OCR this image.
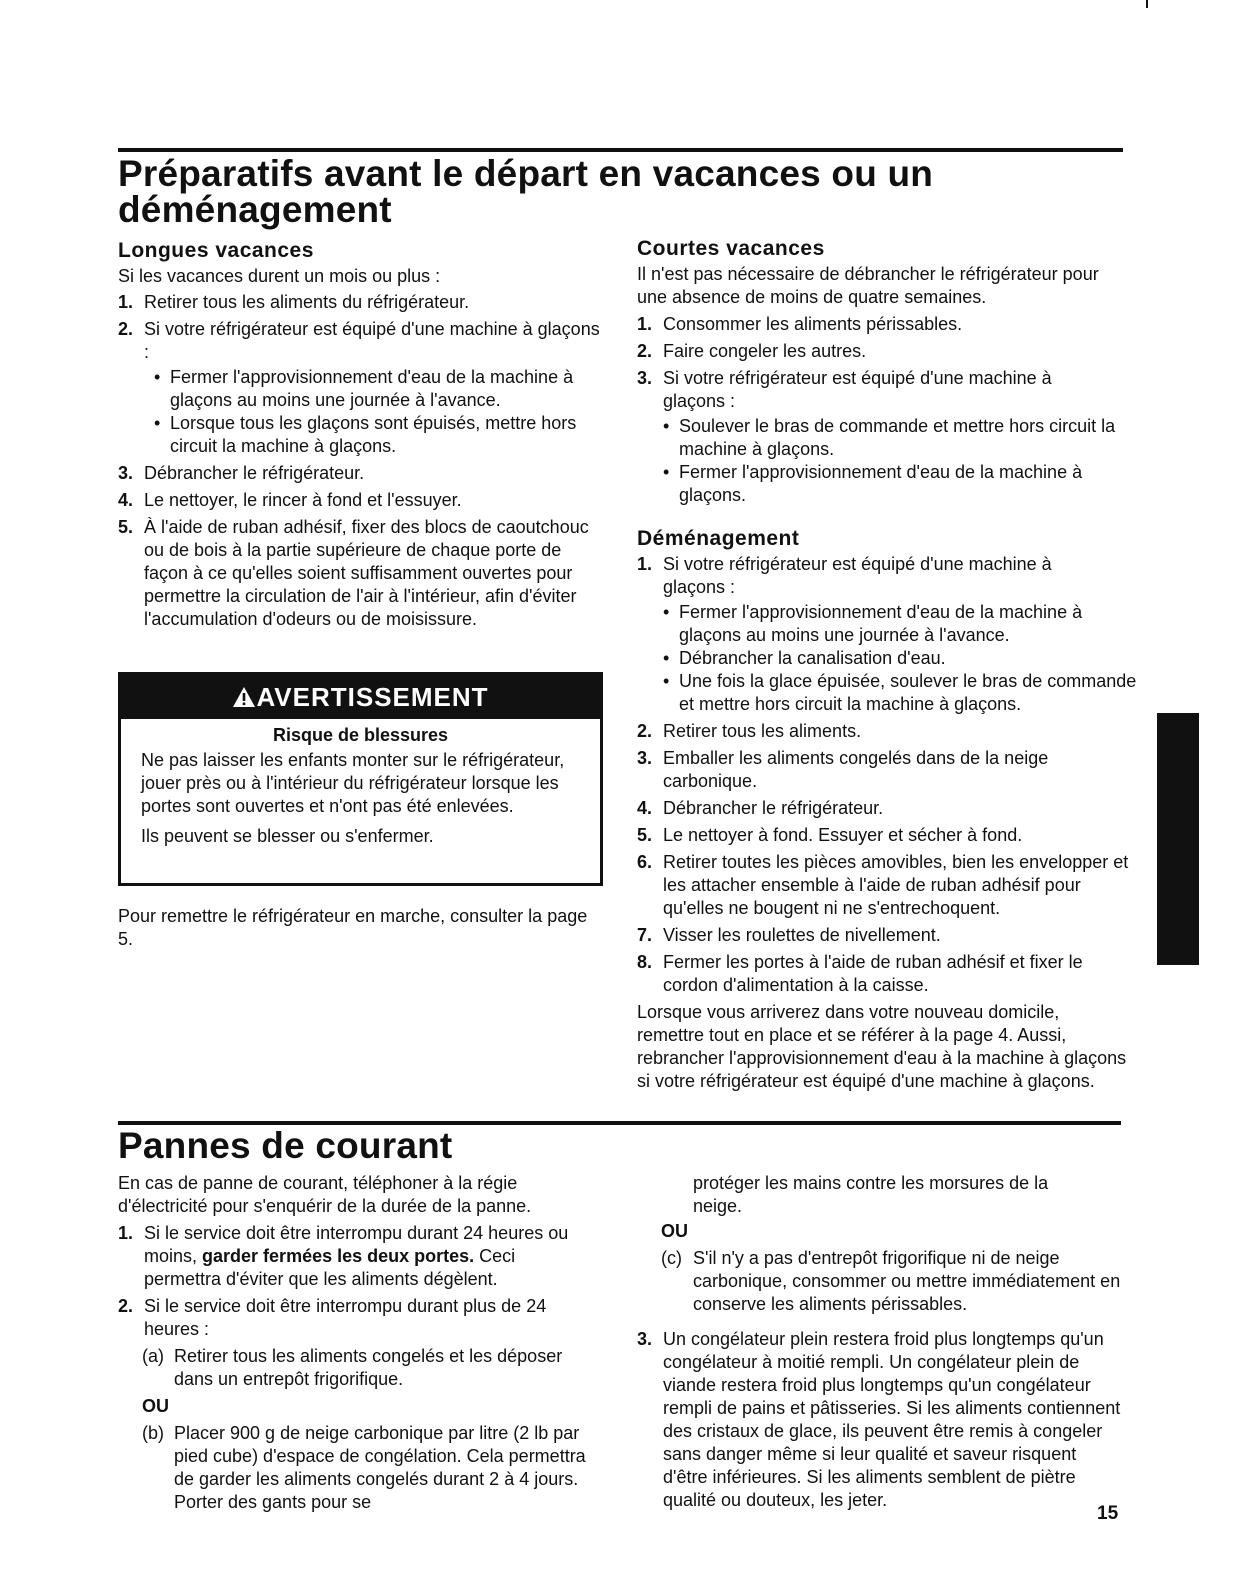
Préparatifs avant le départ en vacances ou un
déménagement
Longues vacances

Si les vacances durent un mois ou plus :

1. Retirer tous les aliments du réfrigérateur.
2. Si votre réfrigérateur est équipé d'une machine à glaçons :
• Fermer l'approvisionnement d'eau de la machine à glaçons au moins une journée à l'avance.
• Lorsque tous les glaçons sont épuisés, mettre hors circuit la machine à glaçons.
3. Débrancher le réfrigérateur.
4. Le nettoyer, le rincer à fond et l'essuyer.
5. À l'aide de ruban adhésif, fixer des blocs de caoutchouc ou de bois à la partie supérieure de chaque porte de façon à ce qu'elles soient suffisamment ouvertes pour permettre la circulation de l'air à l'intérieur, afin d'éviter l'accumulation d'odeurs ou de moisissure.
AVERTISSEMENT
Risque de blessures

Ne pas laisser les enfants monter sur le réfrigérateur, jouer près ou à l'intérieur du réfrigérateur lorsque les portes sont ouvertes et n'ont pas été enlevées.

Ils peuvent se blesser ou s'enfermer.

Pour remettre le réfrigérateur en marche, consulter la page 5.

Courtes vacances

Il n'est pas nécessaire de débrancher le réfrigérateur pour une absence de moins de quatre semaines.

1. Consommer les aliments périssables.
2. Faire congeler les autres.
3. Si votre réfrigérateur est équipé d'une machine à glaçons :
• Soulever le bras de commande et mettre hors circuit la machine à glaçons.
• Fermer l'approvisionnement d'eau de la machine à glaçons.
Déménagement
1. Si votre réfrigérateur est équipé d'une machine à glaçons :
• Fermer l'approvisionnement d'eau de la machine à glaçons au moins une journée à l'avance.
• Débrancher la canalisation d'eau.
• Une fois la glace épuisée, soulever le bras de commande et mettre hors circuit la machine à glaçons.
2. Retirer tous les aliments.
3. Emballer les aliments congelés dans de la neige carbonique.
4. Débrancher le réfrigérateur.
5. Le nettoyer à fond. Essuyer et sécher à fond.
6. Retirer toutes les pièces amovibles, bien les envelopper et les attacher ensemble à l'aide de ruban adhésif pour qu'elles ne bougent ni ne s'entrechoquent.
7. Visser les roulettes de nivellement.
8. Fermer les portes à l'aide de ruban adhésif et fixer le cordon d'alimentation à la caisse.

Lorsque vous arriverez dans votre nouveau domicile, remettre tout en place et se référer à la page 4. Aussi, rebrancher l'approvisionnement d'eau à la machine à glaçons si votre réfrigérateur est équipé d'une machine à glaçons.

Pannes de courant

En cas de panne de courant, téléphoner à la régie d'électricité pour s'enquérir de la durée de la panne.

1. Si le service doit être interrompu durant 24 heures ou moins, garder fermées les deux portes. Ceci permettra d'éviter que les aliments dégèlent.
2. Si le service doit être interrompu durant plus de 24 heures :
(a) Retirer tous les aliments congelés et les déposer dans un entrepôt frigorifique.

OU

(b) Placer 900 g de neige carbonique par litre (2 lb par pied cube) d'espace de congélation. Cela permettra de garder les aliments congelés durant 2 à 4 jours. Porter des gants pour se

protéger les mains contre les morsures de la neige.

OU

(c) S'il n'y a pas d'entrepôt frigorifique ni de neige carbonique, consommer ou mettre immédiatement en conserve les aliments périssables.
3. Un congélateur plein restera froid plus longtemps qu'un congélateur à moitié rempli. Un congélateur plein de viande restera froid plus longtemps qu'un congélateur rempli de pains et pâtisseries. Si les aliments contiennent des cristaux de glace, ils peuvent être remis à congeler sans danger même si leur qualité et saveur risquent d'être inférieures. Si les aliments semblent de piètre qualité ou douteux, les jeter.
15
